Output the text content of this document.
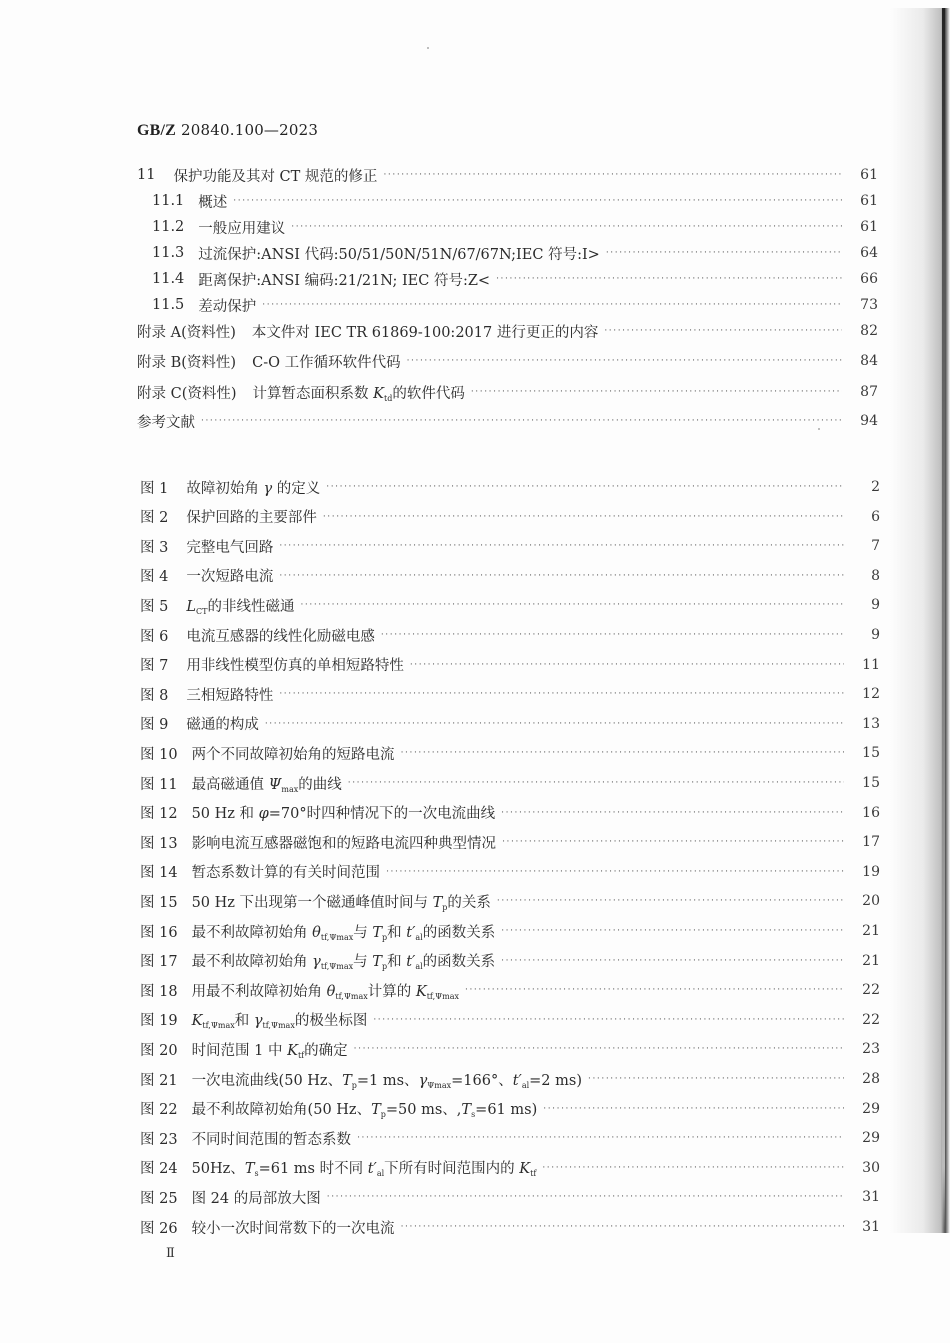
GB/Z 20840.100—2023
11 保护功能及其对 CT 规范的修正 ·····	61
11.1 概述 ·····	61
11.2 一般应用建议 ·····	61
11.3 过流保护:ANSI 代码:50/51/50N/51N/67/67N;IEC 符号:I> ·····	64
11.4 距离保护:ANSI 编码:21/21N; IEC 符号:Z< ·····	66
11.5 差动保护 ·····	73
附录 A(资料性) 本文件对 IEC TR 61869-100:2017 进行更正的内容 ·····	82
附录 B(资料性) C-O 工作循环软件代码 ·····	84
附录 C(资料性) 计算暂态面积系数 $K_{td}$的软件代码 ·····	87
参考文献 ·····	94
图 1 故障初始角 γ 的定义 ·····	2
图 2 保护回路的主要部件 ·····	6
图 3 完整电气回路 ·····	7
图 4 一次短路电流 ·····	8
图 5 $L_{CT}$的非线性磁通 ·····	9
图 6 电流互感器的线性化励磁电感 ·····	9
图 7 用非线性模型仿真的单相短路特性 ·····	11
图 8 三相短路特性 ·····	12
图 9 磁通的构成 ·····	13
图 10 两个不同故障初始角的短路电流 ·····	15
图 11 最高磁通值 $\Psi_{max}$的曲线 ·····	15
图 12 50 Hz 和 φ=70°时四种情况下的一次电流曲线 ·····	16
图 13 影响电流互感器磁饱和的短路电流四种典型情况 ·····	17
图 14 暂态系数计算的有关时间范围 ·····	19
图 15 50 Hz 下出现第一个磁通峰值时间与 $T_p$的关系 ·····	20
图 16 最不利故障初始角 $\theta_{tf,\Psi max}$与 $T_p$和 $t'_{al}$的函数关系 ·····	21
图 17 最不利故障初始角 $\gamma_{tf,\Psi max}$与 $T_p$和 $t'_{al}$的函数关系 ·····	21
图 18 用最不利故障初始角 $\theta_{tf,\Psi max}$计算的 $K_{tf,\Psi max}$ ·····	22
图 19 $K_{tf,\Psi max}$和 $\gamma_{tf,\Psi max}$的极坐标图 ·····	22
图 20 时间范围 1 中 $K_{tf}$的确定 ·····	23
图 21 一次电流曲线(50 Hz、$T_p=1$ ms、$\gamma_{\Psi max}=166^\circ$、$t'_{al}=2$ ms) ·····	28
图 22 最不利故障初始角(50 Hz、$T_p=50$ ms、$,T_s=61$ ms) ·····	29
图 23 不同时间范围的暂态系数 ·····	29
图 24 50Hz、$T_s=61$ ms 时不同 $t'_{al}$下所有时间范围内的 $K_{tf}$ ·····	30
图 25 图 24 的局部放大图 ·····	31
图 26 较小一次时间常数下的一次电流 ·····	31
Ⅱ
